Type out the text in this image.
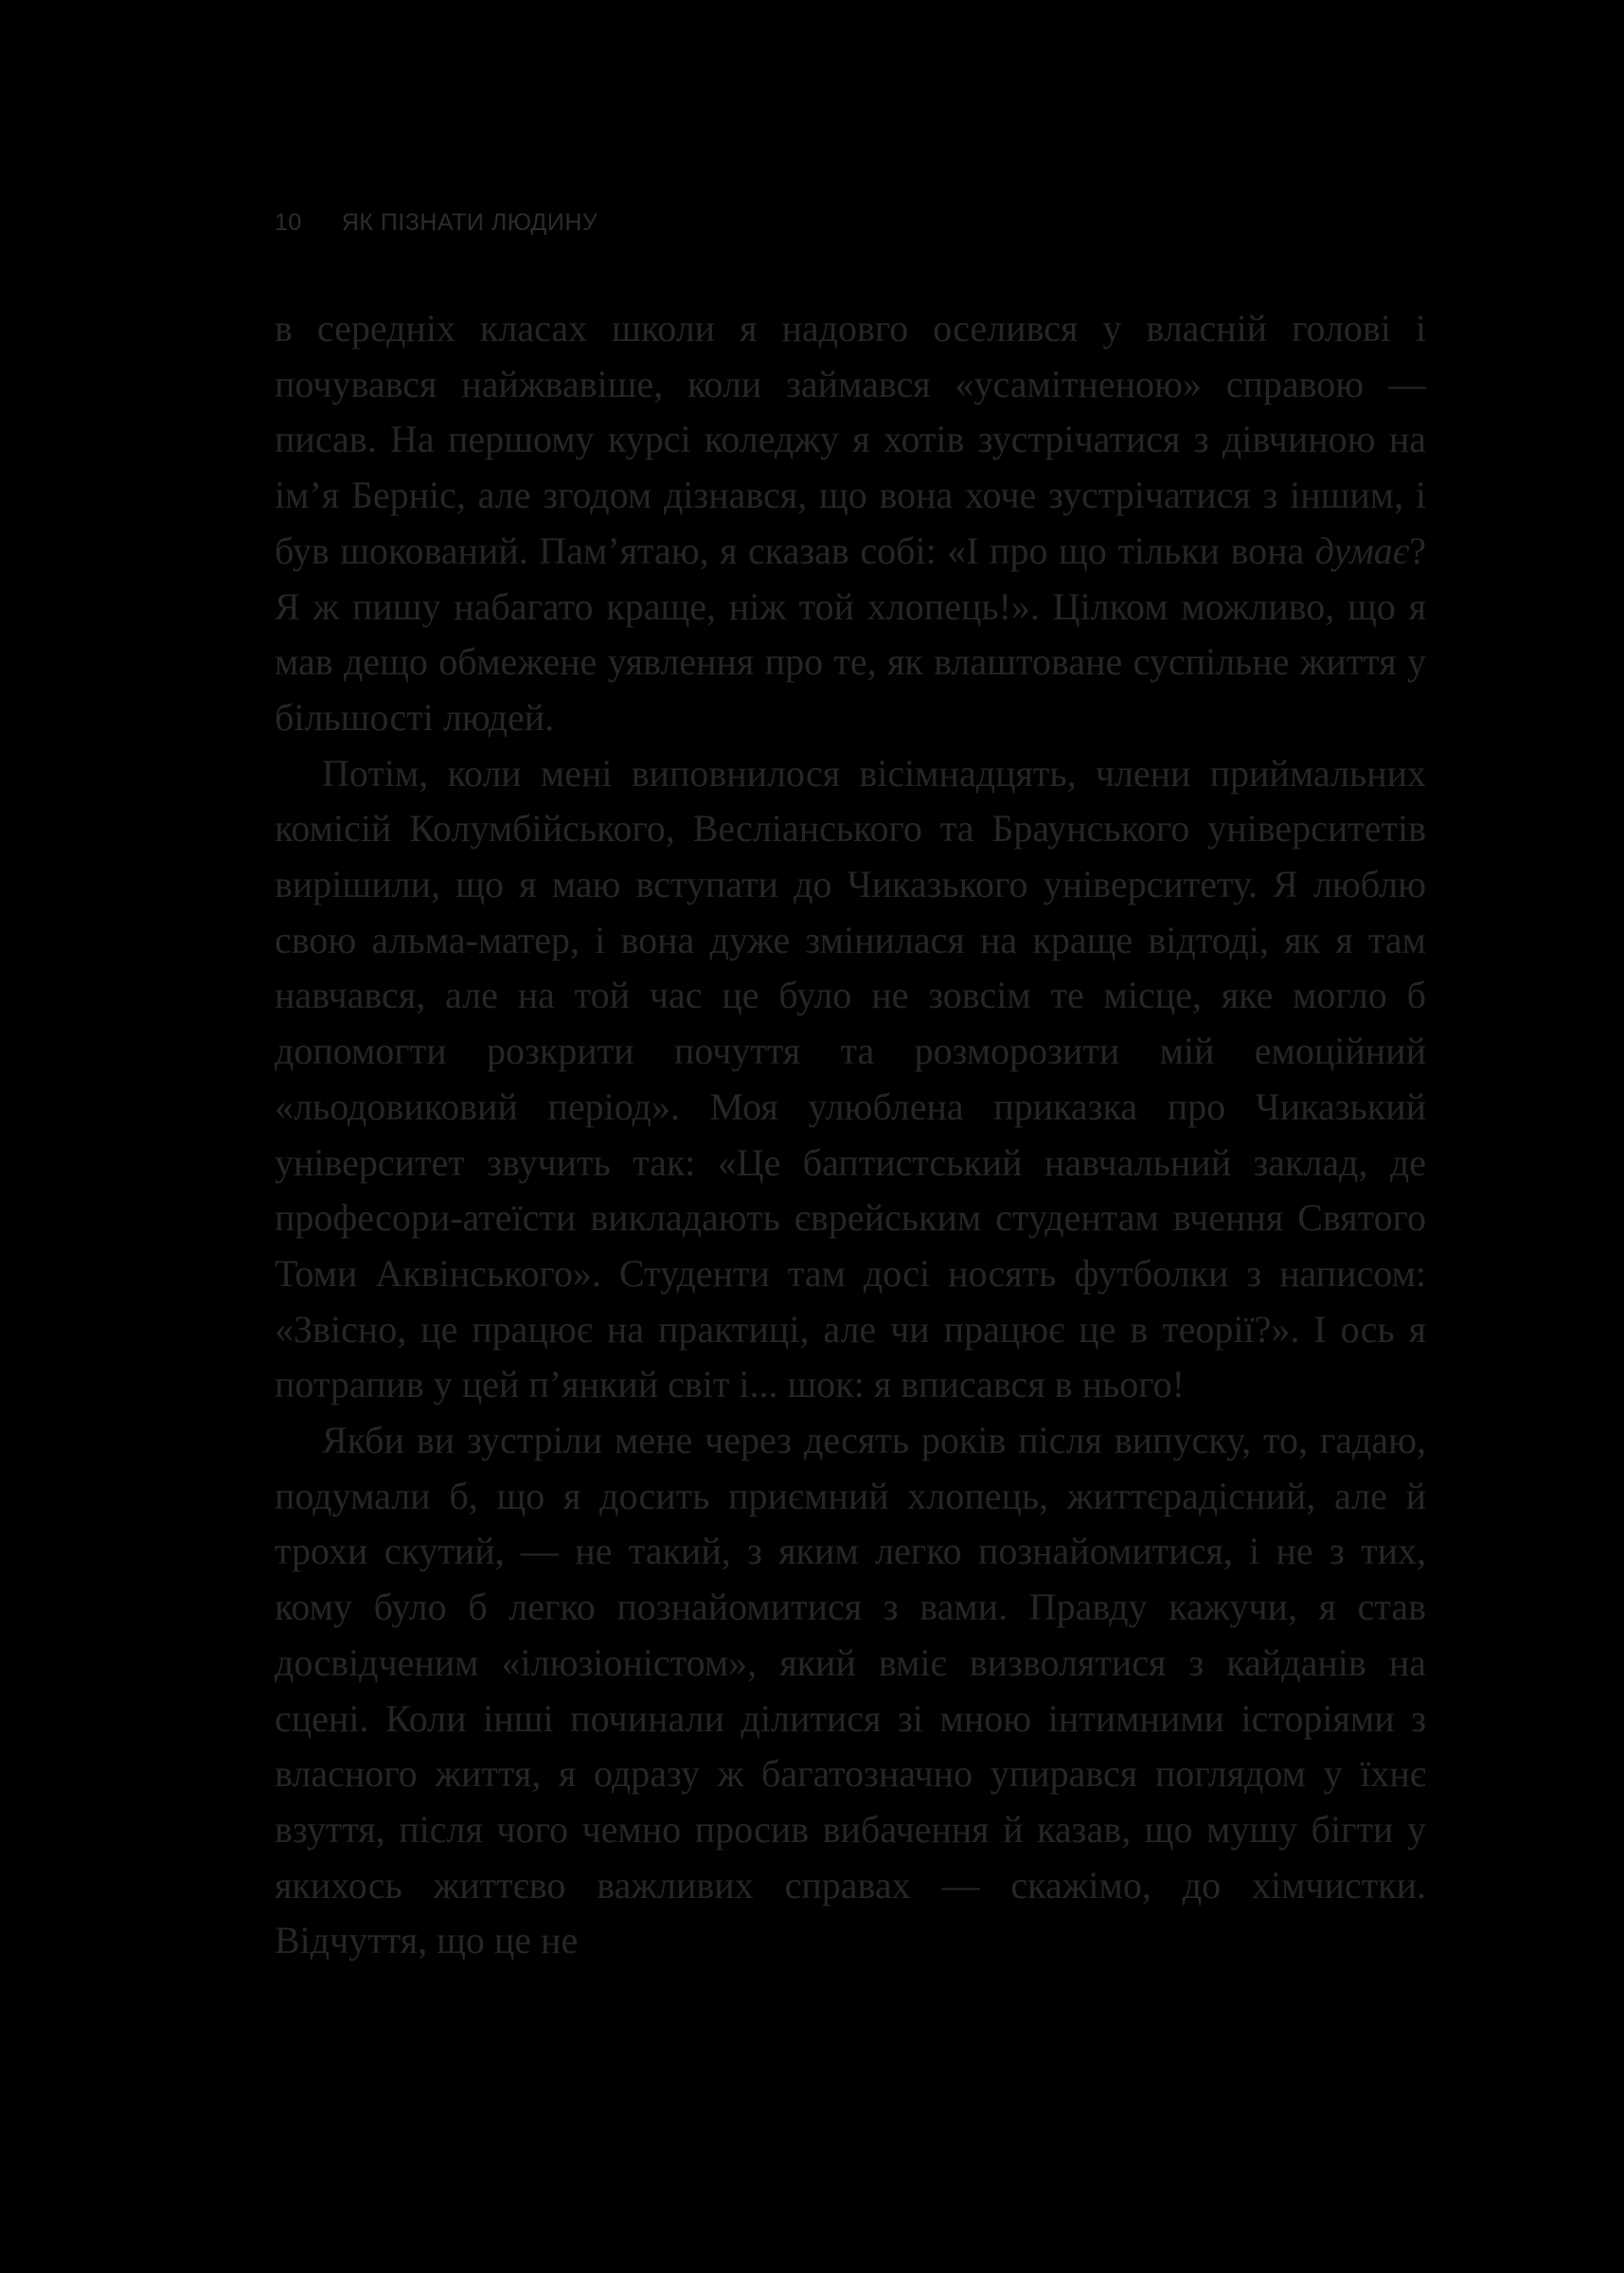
10 ЯК ПІЗНАТИ ЛЮДИНУ

в середніх класах школи я надовго оселився у власній голові і почувався найжвавіше, коли займався «усамітненою» справою — писав. На першому курсі коледжу я хотів зустрічатися з дівчиною на ім’я Берніс, але згодом дізнався, що вона хоче зустрічатися з іншим, і був шокований. Пам’ятаю, я сказав собі: «І про що тільки вона думає? Я ж пишу набагато краще, ніж той хлопець!». Цілком можливо, що я мав дещо обмежене уявлення про те, як влаштоване суспільне життя у більшості людей.

Потім, коли мені виповнилося вісімнадцять, члени приймальних комісій Колумбійського, Весліанського та Браунського університетів вирішили, що я маю вступати до Чиказького університету. Я люблю свою альма-матер, і вона дуже змінилася на краще відтоді, як я там навчався, але на той час це було не зовсім те місце, яке могло б допомогти розкрити почуття та розморозити мій емоційний «льодовиковий період». Моя улюблена приказка про Чиказький університет звучить так: «Це баптистський навчальний заклад, де професори-атеїсти викладають єврейським студентам вчення Святого Томи Аквінського». Студенти там досі носять футболки з написом: «Звісно, це працює на практиці, але чи працює це в теорії?». І ось я потрапив у цей п’янкий світ і... шок: я вписався в нього!

Якби ви зустріли мене через десять років після випуску, то, гадаю, подумали б, що я досить приємний хлопець, життєрадісний, але й трохи скутий, — не такий, з яким легко познайомитися, і не з тих, кому було б легко познайомитися з вами. Правду кажучи, я став досвідченим «ілюзіоністом», який вміє визволятися з кайданів на сцені. Коли інші починали ділитися зі мною інтимними історіями з власного життя, я одразу ж багатозначно упирався поглядом у їхнє взуття, після чого чемно просив вибачення й казав, що мушу бігти у якихось життєво важливих справах — скажімо, до хімчистки. Відчуття, що це не
